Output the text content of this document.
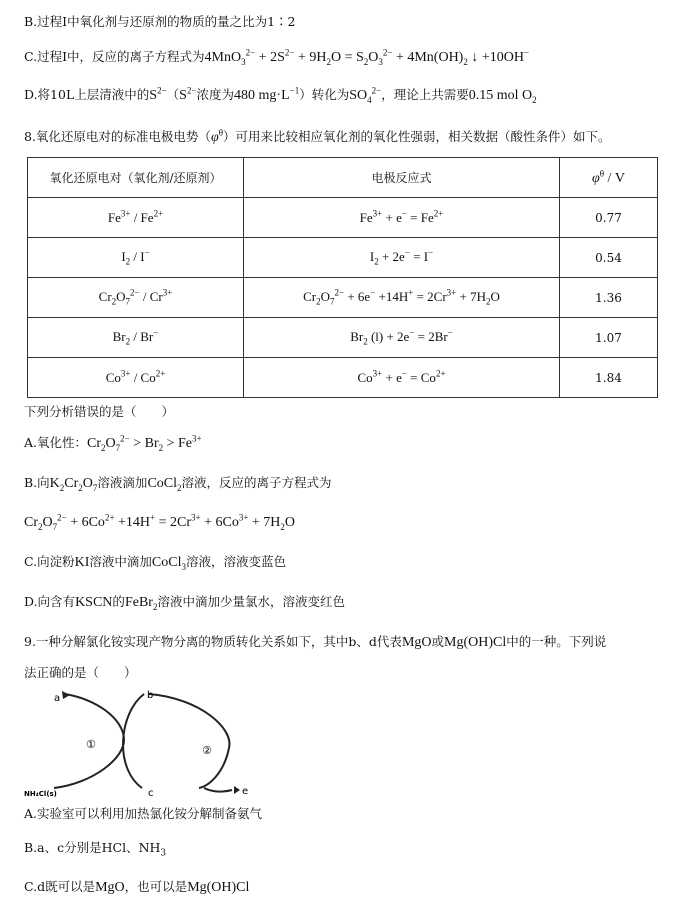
B.过程Ⅰ中氧化剂与还原剂的物质的量之比为1∶2
C.过程Ⅰ中，反应的离子方程式为$4MnO_3^{2-} + 2S^{2-} + 9H_2O = S_2O_3^{2-} + 4Mn(OH)_2$ ↓ +10OH−
D.将10L上层清液中的$S^{2-}(S^{2-}$浓度为480 $mg\cdot L^{-1}$）转化为$SO_4^{2-}$，理论上共需要0.15 mol $O_2$
8.氧化还原电对的标准电极电势$(\varphi^\theta)$可用来比较相应氧化剂的氧化性强弱，相关数据（酸性条件）如下。
氧化还原电对（氧化剂/还原剂）	电极反应式	$\varphi^\theta$ / V
$Fe^{3+} / Fe^{2+}$	$Fe^{3+} + e^- = Fe^{2+}$	0.77
$I_2 / I^-$	$I_2 + 2e^- = I^-$	0.54
$Cr_2O_7^{2-} / Cr^{3+}$	$Cr_2O_7^{2-} + 6e^- +14H^+ = 2Cr^{3+} + 7H_2O$	1.36
$Br_2 / Br^-$	$Br_2$ (l) + 2e− = 2Br−	1.07
$Co^{3+} / Co^{2+}$	$Co^{3+} + e^- = Co^{2+}$	1.84
下列分析错误的是（　　）
A.氧化性：$Cr_2O_7^{2-} > Br_2 > Fe^{3+}$
B.向$K_2Cr_2O_7$溶液滴加CoCl$_2$溶液，反应的离子方程式为
$Cr_2O_7^{2-} + 6Co^{2+} +14H^+ = 2Cr^{3+} + 6Co^{3+} + 7H_2O$
C.向淀粉KI溶液中滴加CoCl$_3$溶液，溶液变蓝色
D.向含有KSCN的FeBr$_2$溶液中滴加少量氯水，溶液变红色
9.一种分解氯化铵实现产物分离的物质转化关系如下，其中b、d代表MgO或Mg(OH)Cl中的一种。下列说
法正确的是（　　）
a	b
c	e
①	②
NH₄Cl(s)
A.实验室可以利用加热氯化铵分解制备氨气
B.a、c分别是HCl、$NH_3$
C.d既可以是MgO，也可以是Mg(OH)Cl
